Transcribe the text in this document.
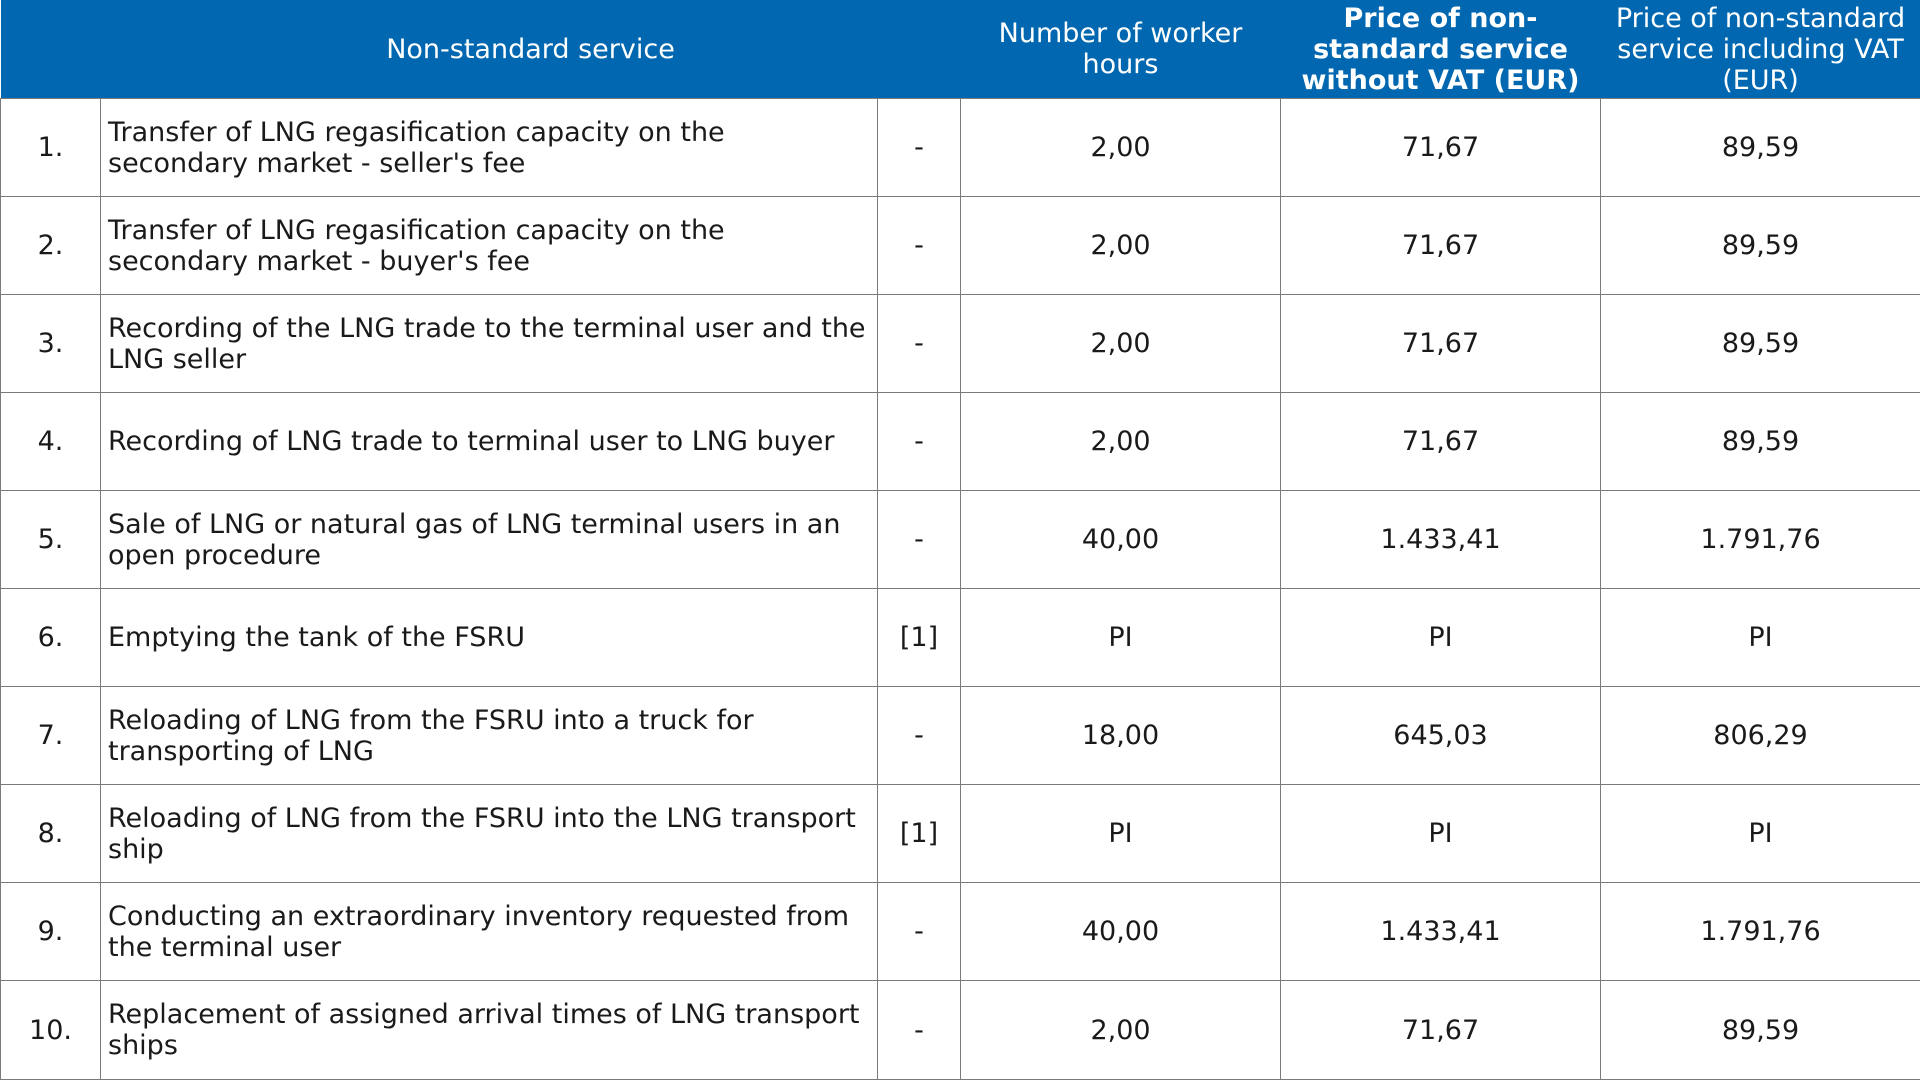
	Non-standard service		Number of worker hours	Price of non-standard service without VAT (EUR)	Price of non-standard service including VAT (EUR)
1.	Transfer of LNG regasification capacity on the secondary market - seller's fee	-	2,00	71,67	89,59
2.	Transfer of LNG regasification capacity on the secondary market - buyer's fee	-	2,00	71,67	89,59
3.	Recording of the LNG trade to the terminal user and the LNG seller	-	2,00	71,67	89,59
4.	Recording of LNG trade to terminal user to LNG buyer	-	2,00	71,67	89,59
5.	Sale of LNG or natural gas of LNG terminal users in an open procedure	-	40,00	1.433,41	1.791,76
6.	Emptying the tank of the FSRU	[1]	PI	PI	PI
7.	Reloading of LNG from the FSRU into a truck for transporting of LNG	-	18,00	645,03	806,29
8.	Reloading of LNG from the FSRU into the LNG transport ship	[1]	PI	PI	PI
9.	Conducting an extraordinary inventory requested from the terminal user	-	40,00	1.433,41	1.791,76
10.	Replacement of assigned arrival times of LNG transport ships	-	2,00	71,67	89,59
